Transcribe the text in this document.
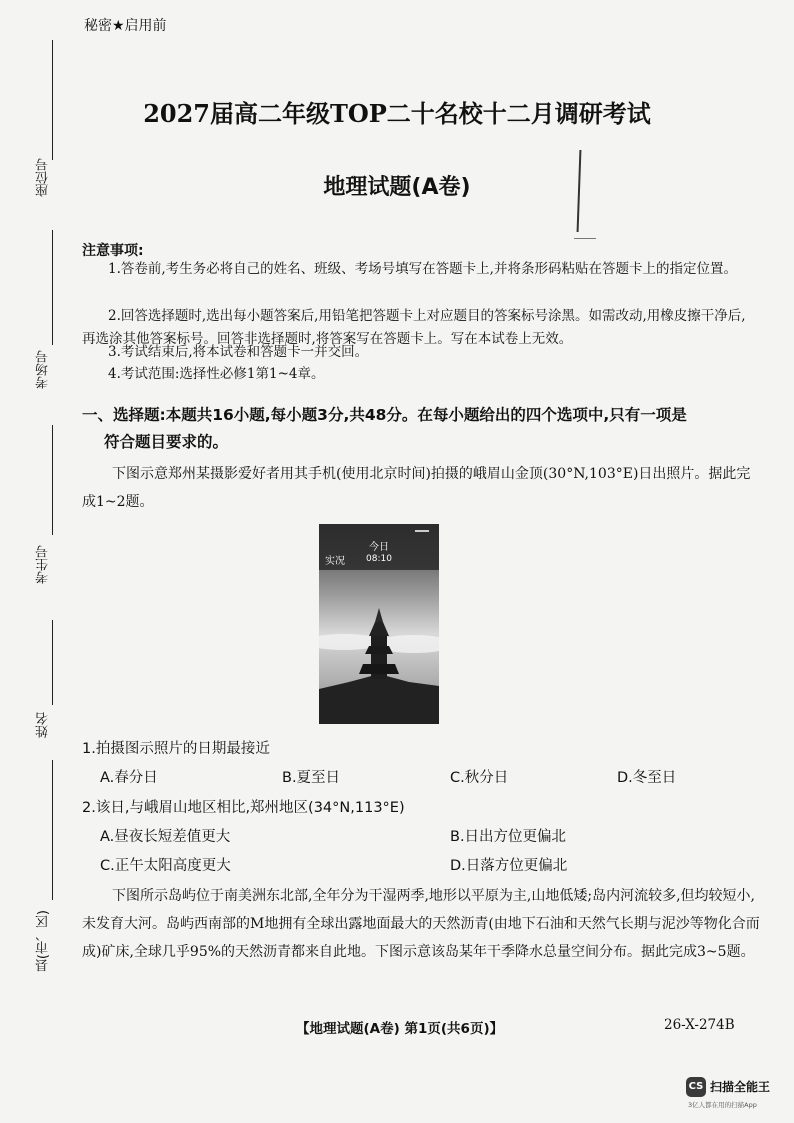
座位号
考场号
考生号
姓名
县(市、区)
秘密★启用前
2027届高二年级TOP二十名校十二月调研考试
地理试题(A卷)
注意事项:
1.答卷前,考生务必将自己的姓名、班级、考场号填写在答题卡上,并将条形码粘贴在答题卡上的指定位置。
2.回答选择题时,选出每小题答案后,用铅笔把答题卡上对应题目的答案标号涂黑。如需改动,用橡皮擦干净后,再选涂其他答案标号。回答非选择题时,将答案写在答题卡上。写在本试卷上无效。
3.考试结束后,将本试卷和答题卡一并交回。
4.考试范围:选择性必修1第1~4章。
一、选择题:本题共16小题,每小题3分,共48分。在每小题给出的四个选项中,只有一项是
符合题目要求的。
下图示意郑州某摄影爱好者用其手机(使用北京时间)拍摄的峨眉山金顶(30°N,103°E)日出照片。据此完成1~2题。
实况
今日
08:10
1.拍摄图示照片的日期最接近
A.春分日	B.夏至日	C.秋分日	D.冬至日
2.该日,与峨眉山地区相比,郑州地区(34°N,113°E)
A.昼夜长短差值更大	B.日出方位更偏北
C.正午太阳高度更大	D.日落方位更偏北
下图所示岛屿位于南美洲东北部,全年分为干湿两季,地形以平原为主,山地低矮;岛内河流较多,但均较短小,未发育大河。岛屿西南部的M地拥有全球出露地面最大的天然沥青(由地下石油和天然气长期与泥沙等物化合而成)矿床,全球几乎95%的天然沥青都来自此地。下图示意该岛某年干季降水总量空间分布。据此完成3~5题。
【地理试题(A卷) 第1页(共6页)】	26-X-274B
CS 扫描全能王
3亿人都在用的扫描App
